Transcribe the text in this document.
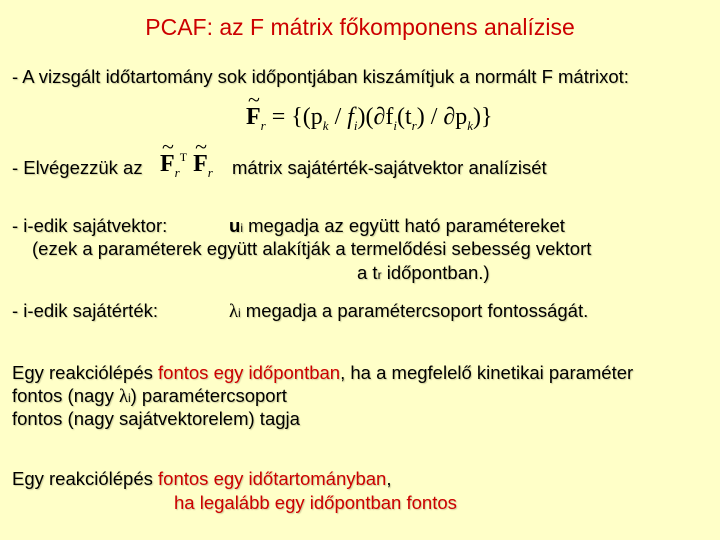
PCAF: az F mátrix főkomponens analízise
- A vizsgált időtartomány sok időpontjában kiszámítjuk a normált F mátrixot:
~ $F_r = \{(p_k / f_i)(\partial f_i(t_r) / \partial p_k)\}$
- Elvégezzük az ~ $F_r^T$ ~ $F_r$ mátrix sajátérték-sajátvektor analízisét
- i-edik sajátvektor:	ui megadja az együtt ható paramétereket
(ezek a paraméterek együtt alakítják a termelődési sebesség vektort
a tr időpontban.)
- i-edik sajátérték:	λi megadja a paramétercsoport fontosságát.
Egy reakciólépés fontos egy időpontban, ha a megfelelő kinetikai paraméter
fontos (nagy λi) paramétercsoport
fontos (nagy sajátvektorelem) tagja
Egy reakciólépés fontos egy időtartományban,
ha legalább egy időpontban fontos
